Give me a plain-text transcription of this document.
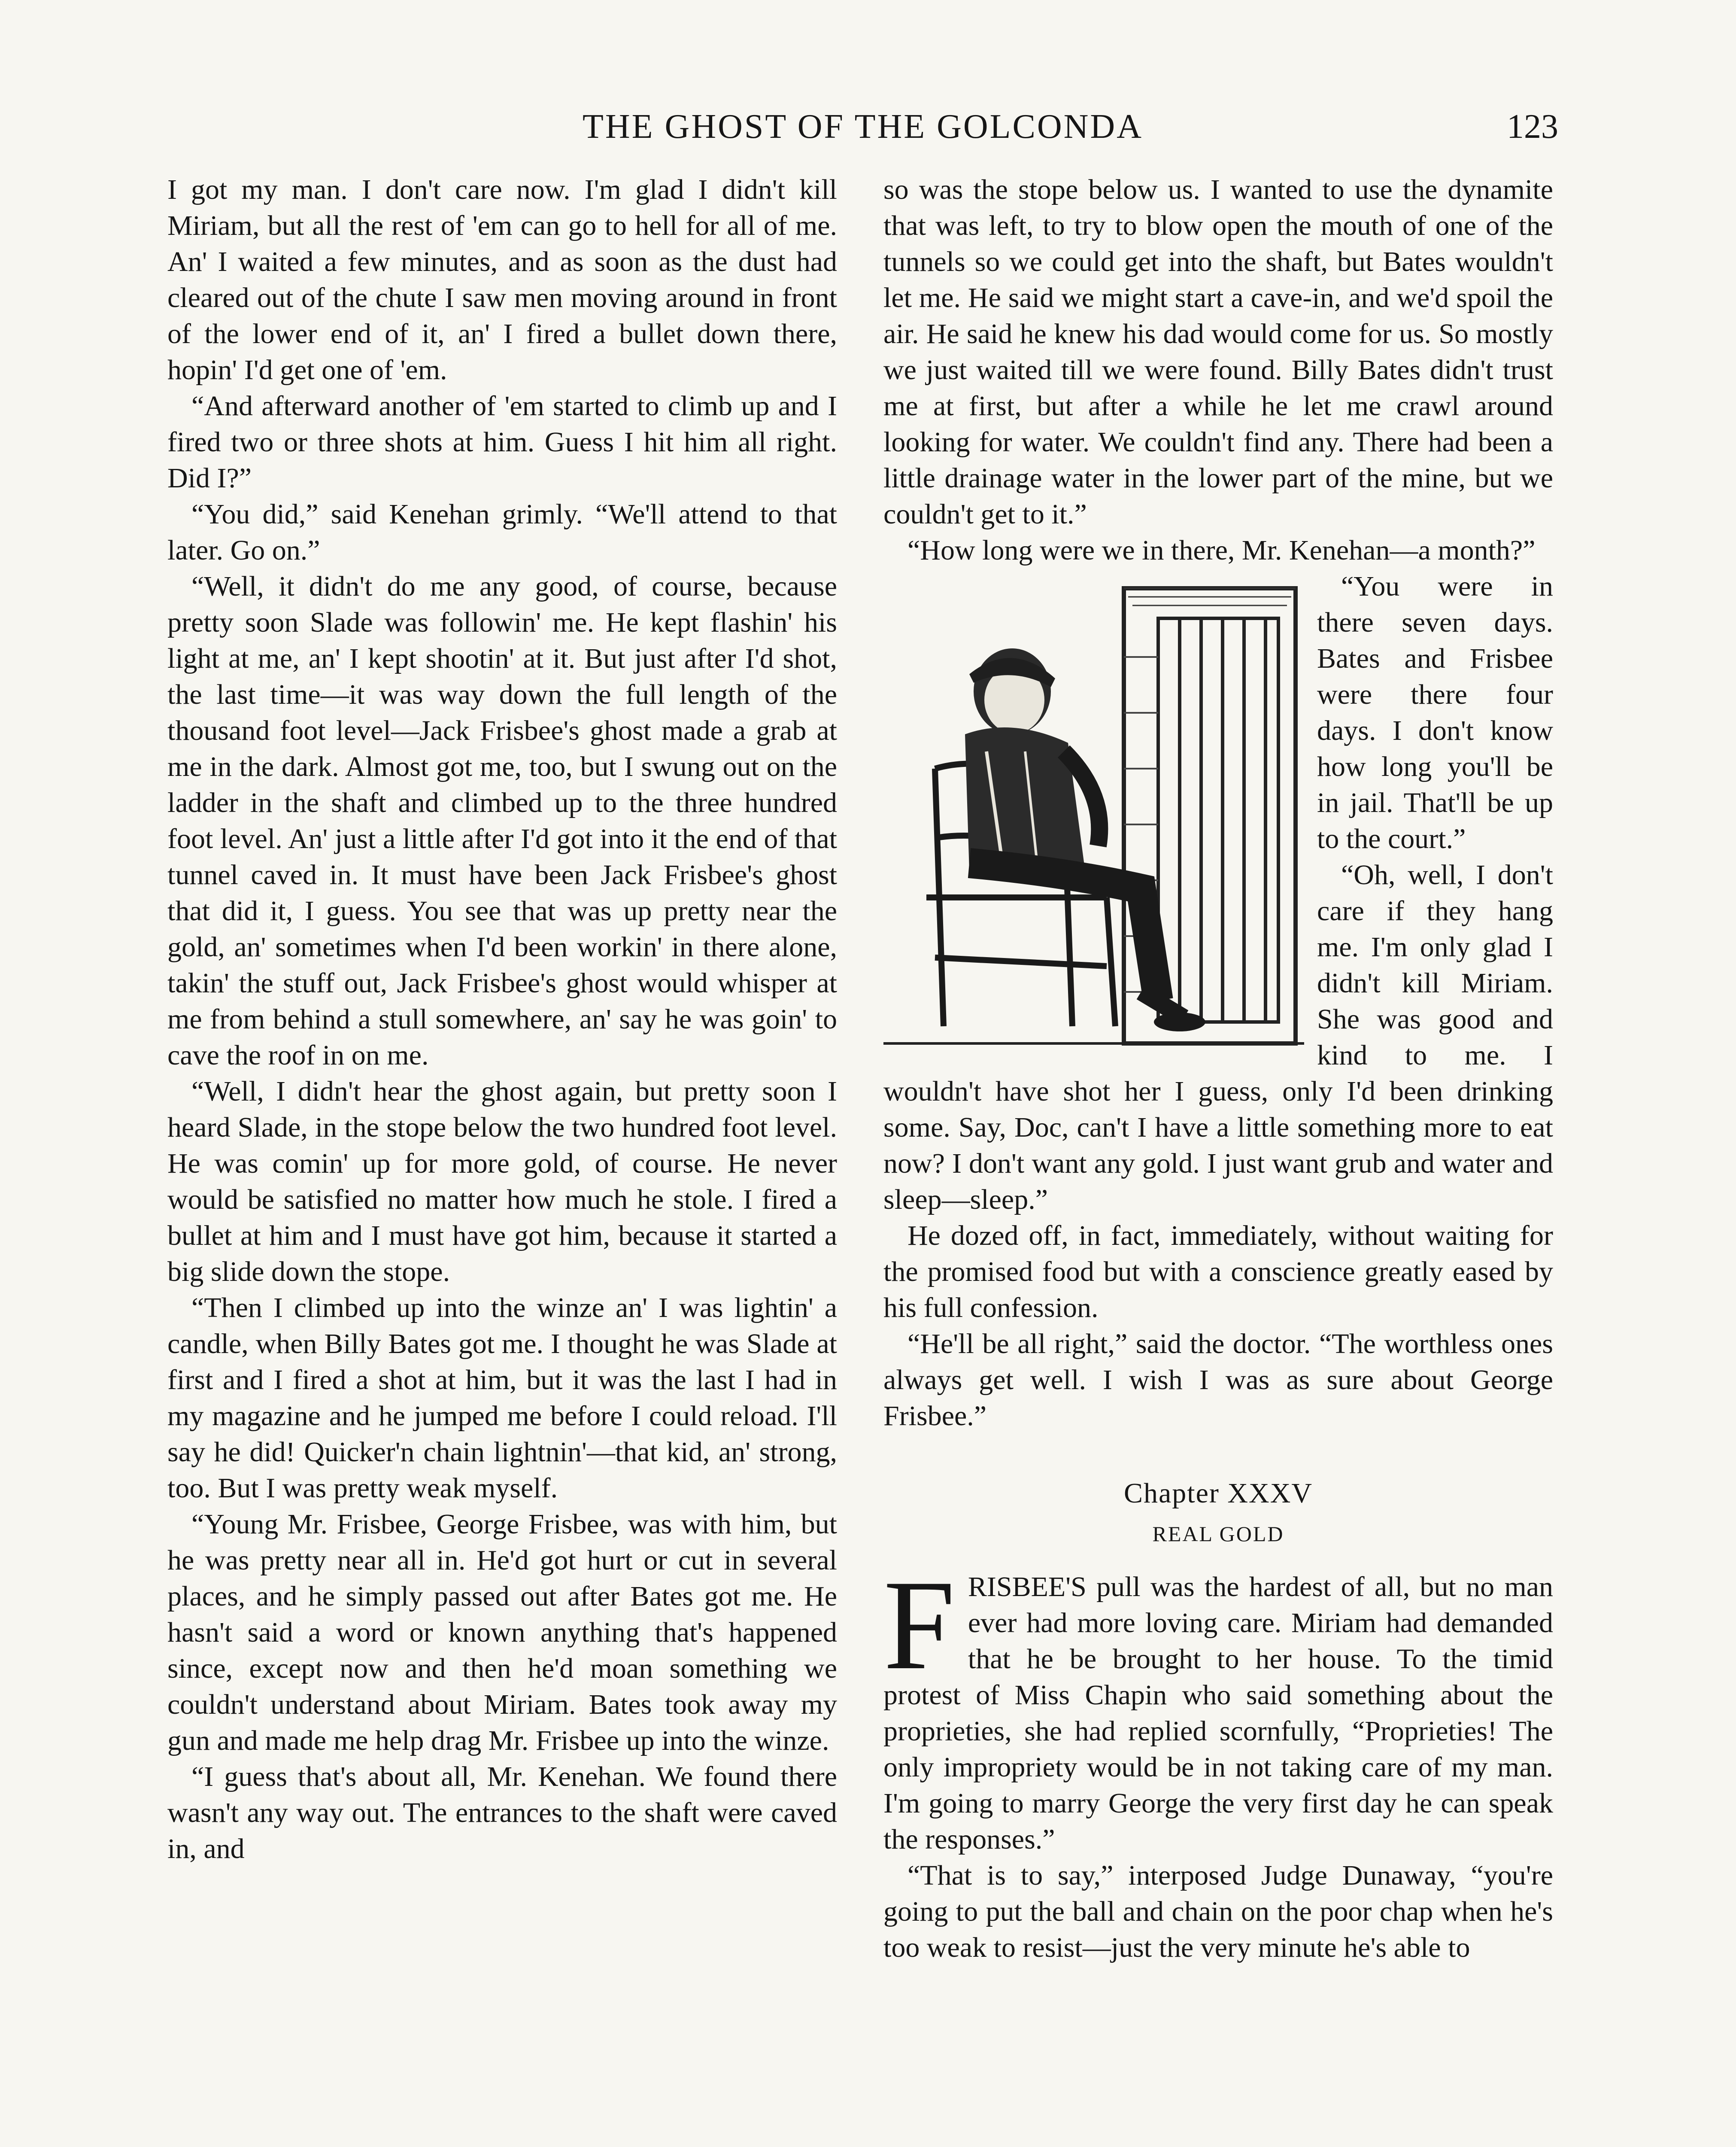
THE GHOST OF THE GOLCONDA	123

I got my man. I don't care now. I'm glad I didn't kill Miriam, but all the rest of 'em can go to hell for all of me. An' I waited a few minutes, and as soon as the dust had cleared out of the chute I saw men moving around in front of the lower end of it, an' I fired a bullet down there, hopin' I'd get one of 'em.

“And afterward another of 'em started to climb up and I fired two or three shots at him. Guess I hit him all right. Did I?”

“You did,” said Kenehan grimly. “We'll attend to that later. Go on.”

“Well, it didn't do me any good, of course, because pretty soon Slade was followin' me. He kept flashin' his light at me, an' I kept shootin' at it. But just after I'd shot, the last time—it was way down the full length of the thousand foot level—Jack Frisbee's ghost made a grab at me in the dark. Almost got me, too, but I swung out on the ladder in the shaft and climbed up to the three hundred foot level. An' just a little after I'd got into it the end of that tunnel caved in. It must have been Jack Frisbee's ghost that did it, I guess. You see that was up pretty near the gold, an' sometimes when I'd been workin' in there alone, takin' the stuff out, Jack Frisbee's ghost would whisper at me from behind a stull somewhere, an' say he was goin' to cave the roof in on me.

“Well, I didn't hear the ghost again, but pretty soon I heard Slade, in the stope below the two hundred foot level. He was comin' up for more gold, of course. He never would be satisfied no matter how much he stole. I fired a bullet at him and I must have got him, because it started a big slide down the stope.

“Then I climbed up into the winze an' I was lightin' a candle, when Billy Bates got me. I thought he was Slade at first and I fired a shot at him, but it was the last I had in my magazine and he jumped me before I could reload. I'll say he did! Quicker'n chain lightnin'—that kid, an' strong, too. But I was pretty weak myself.

“Young Mr. Frisbee, George Frisbee, was with him, but he was pretty near all in. He'd got hurt or cut in several places, and he simply passed out after Bates got me. He hasn't said a word or known anything that's happened since, except now and then he'd moan something we couldn't understand about Miriam. Bates took away my gun and made me help drag Mr. Frisbee up into the winze.

“I guess that's about all, Mr. Kenehan. We found there wasn't any way out. The entrances to the shaft were caved in, and

so was the stope below us. I wanted to use the dynamite that was left, to try to blow open the mouth of one of the tunnels so we could get into the shaft, but Bates wouldn't let me. He said we might start a cave-in, and we'd spoil the air. He said he knew his dad would come for us. So mostly we just waited till we were found. Billy Bates didn't trust me at first, but after a while he let me crawl around looking for water. We couldn't find any. There had been a little drainage water in the lower part of the mine, but we couldn't get to it.”

“How long were we in there, Mr. Kenehan—a month?”

“You were in there seven days. Bates and Frisbee were there four days. I don't know how long you'll be in jail. That'll be up to the court.”

“Oh, well, I don't care if they hang me. I'm only glad I didn't kill Miriam. She was good and kind to me. I wouldn't have shot her I guess, only I'd been drinking some. Say, Doc, can't I have a little something more to eat now? I don't want any gold. I just want grub and water and sleep—sleep.”

He dozed off, in fact, immediately, without waiting for the promised food but with a conscience greatly eased by his full confession.

“He'll be all right,” said the doctor. “The worthless ones always get well. I wish I was as sure about George Frisbee.”

Chapter XXXV
REAL GOLD

FRISBEE'S pull was the hardest of all, but no man ever had more loving care. Miriam had demanded that he be brought to her house. To the timid protest of Miss Chapin who said something about the proprieties, she had replied scornfully, “Proprieties! The only impropriety would be in not taking care of my man. I'm going to marry George the very first day he can speak the responses.”

“That is to say,” interposed Judge Dunaway, “you're going to put the ball and chain on the poor chap when he's too weak to resist—just the very minute he's able to
